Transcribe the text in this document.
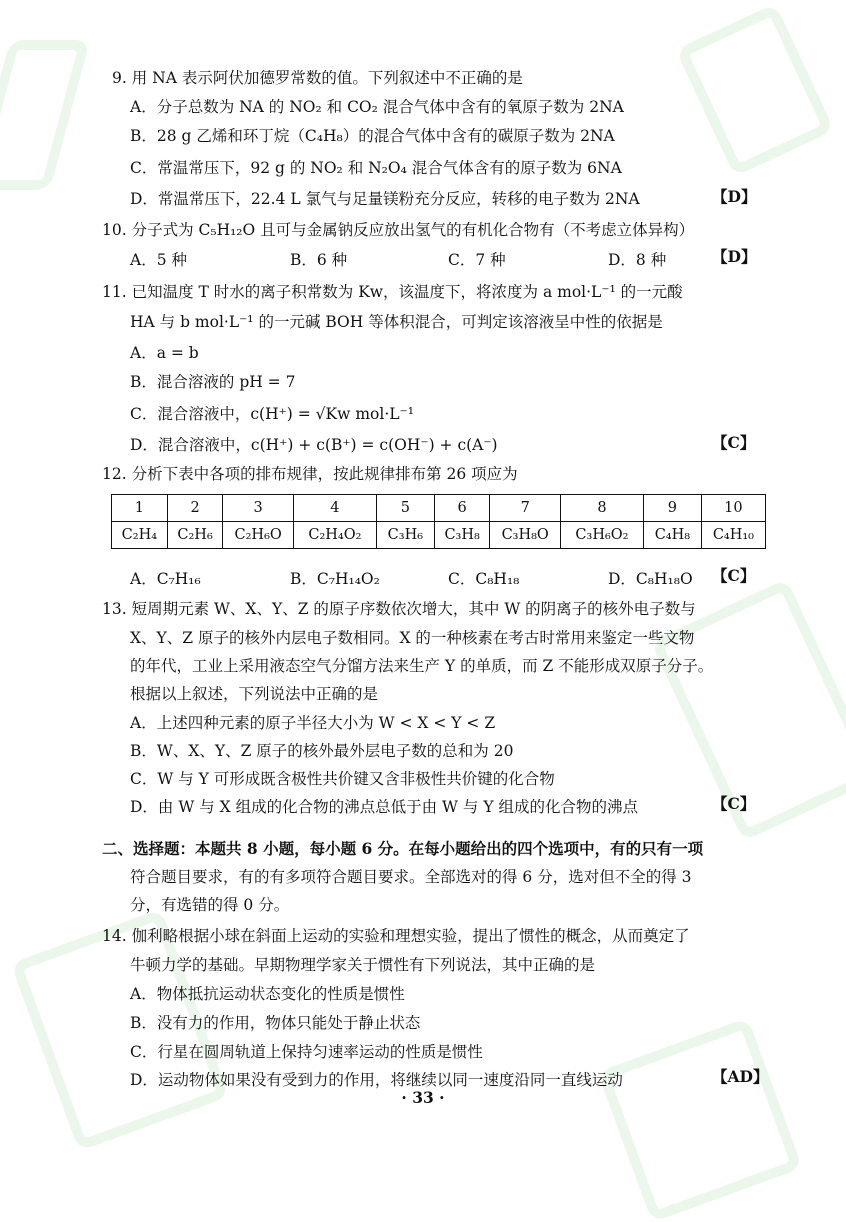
9. 用 NA 表示阿伏加德罗常数的值。下列叙述中不正确的是
A．分子总数为 NA 的 NO₂ 和 CO₂ 混合气体中含有的氧原子数为 2NA
B．28 g 乙烯和环丁烷（C₄H₈）的混合气体中含有的碳原子数为 2NA
C．常温常压下，92 g 的 NO₂ 和 N₂O₄ 混合气体含有的原子数为 6NA
D．常温常压下，22.4 L 氯气与足量镁粉充分反应，转移的电子数为 2NA	【D】
10. 分子式为 C₅H₁₂O 且可与金属钠反应放出氢气的有机化合物有（不考虑立体异构）
A．5 种	B．6 种	C．7 种	D．8 种	【D】
11. 已知温度 T 时水的离子积常数为 Kw，该温度下，将浓度为 a mol·L⁻¹ 的一元酸
HA 与 b mol·L⁻¹ 的一元碱 BOH 等体积混合，可判定该溶液呈中性的依据是
A．a = b
B．混合溶液的 pH = 7
C．混合溶液中，c(H⁺) = √Kw mol·L⁻¹
D．混合溶液中，c(H⁺) + c(B⁺) = c(OH⁻) + c(A⁻)	【C】
12. 分析下表中各项的排布规律，按此规律排布第 26 项应为
1	2	3	4	5	6	7	8	9	10
C₂H₄	C₂H₆	C₂H₆O	C₂H₄O₂	C₃H₆	C₃H₈	C₃H₈O	C₃H₆O₂	C₄H₈	C₄H₁₀
A．C₇H₁₆	B．C₇H₁₄O₂	C．C₈H₁₈	D．C₈H₁₈O 【C】
13. 短周期元素 W、X、Y、Z 的原子序数依次增大，其中 W 的阴离子的核外电子数与
X、Y、Z 原子的核外内层电子数相同。X 的一种核素在考古时常用来鉴定一些文物
的年代，工业上采用液态空气分馏方法来生产 Y 的单质，而 Z 不能形成双原子分子。
根据以上叙述，下列说法中正确的是
A．上述四种元素的原子半径大小为 W < X < Y < Z
B．W、X、Y、Z 原子的核外最外层电子数的总和为 20
C．W 与 Y 可形成既含极性共价键又含非极性共价键的化合物
D．由 W 与 X 组成的化合物的沸点总低于由 W 与 Y 组成的化合物的沸点	【C】
二、选择题：本题共 8 小题，每小题 6 分。在每小题给出的四个选项中，有的只有一项
符合题目要求，有的有多项符合题目要求。全部选对的得 6 分，选对但不全的得 3
分，有选错的得 0 分。
14. 伽利略根据小球在斜面上运动的实验和理想实验，提出了惯性的概念，从而奠定了
牛顿力学的基础。早期物理学家关于惯性有下列说法，其中正确的是
A．物体抵抗运动状态变化的性质是惯性
B．没有力的作用，物体只能处于静止状态
C．行星在圆周轨道上保持匀速率运动的性质是惯性
D．运动物体如果没有受到力的作用，将继续以同一速度沿同一直线运动	【AD】
· 33 ·
